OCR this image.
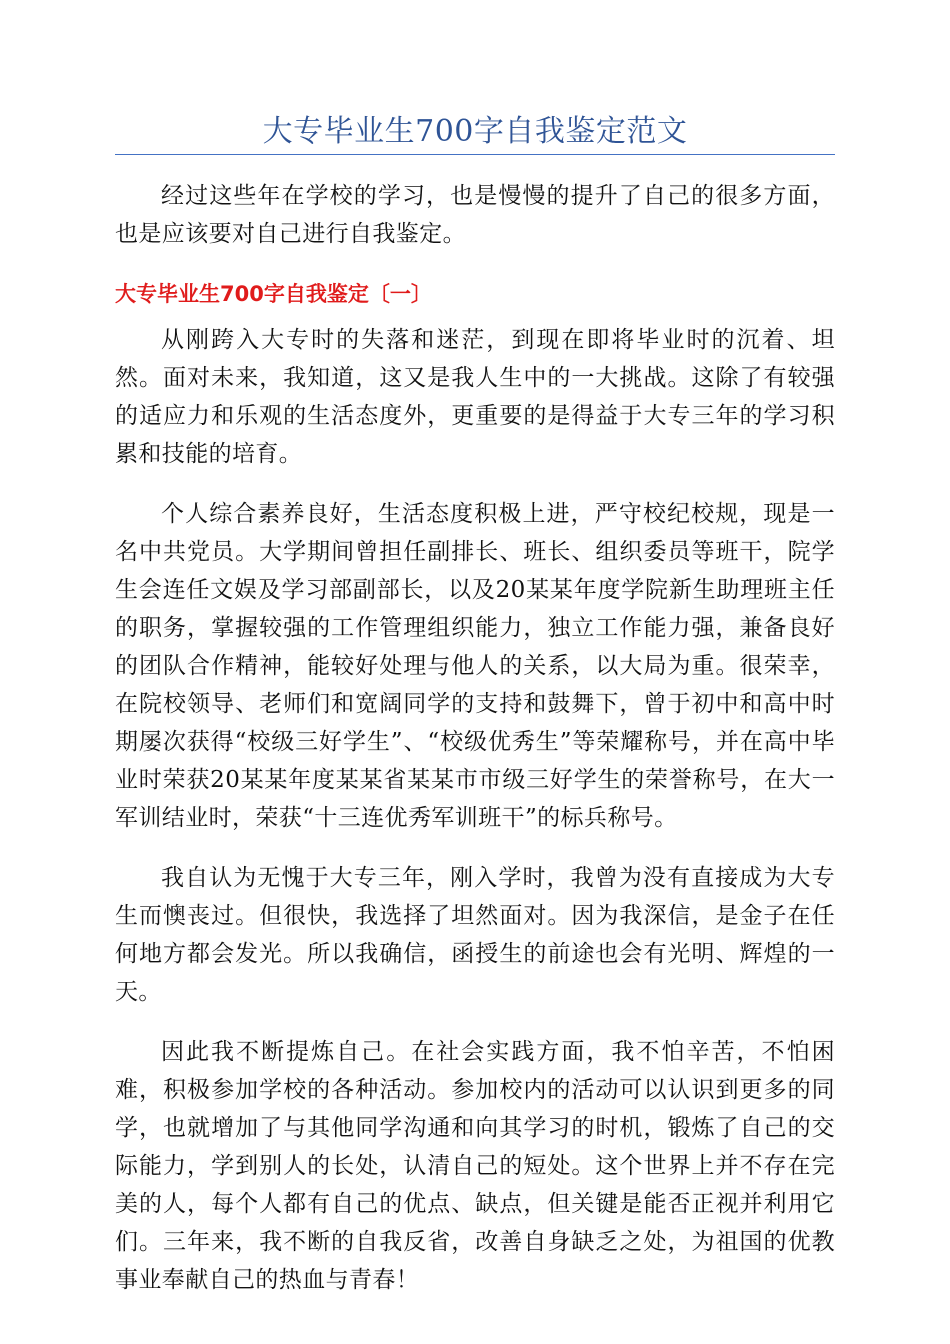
大专毕业生700字自我鉴定范文

经过这些年在学校的学习，也是慢慢的提升了自己的很多方面，也是应该要对自己进行自我鉴定。

大专毕业生700字自我鉴定〔一〕

从刚跨入大专时的失落和迷茫，到现在即将毕业时的沉着、坦然。面对未来，我知道，这又是我人生中的一大挑战。这除了有较强的适应力和乐观的生活态度外，更重要的是得益于大专三年的学习积累和技能的培育。

个人综合素养良好，生活态度积极上进，严守校纪校规，现是一名中共党员。大学期间曾担任副排长、班长、组织委员等班干，院学生会连任文娱及学习部副部长，以及20某某年度学院新生助理班主任的职务，掌握较强的工作管理组织能力，独立工作能力强，兼备良好的团队合作精神，能较好处理与他人的关系，以大局为重。很荣幸，在院校领导、老师们和宽阔同学的支持和鼓舞下，曾于初中和高中时期屡次获得“校级三好学生”、“校级优秀生”等荣耀称号，并在高中毕业时荣获20某某年度某某省某某市市级三好学生的荣誉称号，在大一军训结业时，荣获“十三连优秀军训班干”的标兵称号。

我自认为无愧于大专三年，刚入学时，我曾为没有直接成为大专生而懊丧过。但很快，我选择了坦然面对。因为我深信，是金子在任何地方都会发光。所以我确信，函授生的前途也会有光明、辉煌的一天。

因此我不断提炼自己。在社会实践方面，我不怕辛苦，不怕困难，积极参加学校的各种活动。参加校内的活动可以认识到更多的同学，也就增加了与其他同学沟通和向其学习的时机，锻炼了自己的交际能力，学到别人的长处，认清自己的短处。这个世界上并不存在完美的人，每个人都有自己的优点、缺点，但关键是能否正视并利用它们。三年来，我不断的自我反省，改善自身缺乏之处，为祖国的优教事业奉献自己的热血与青春！
